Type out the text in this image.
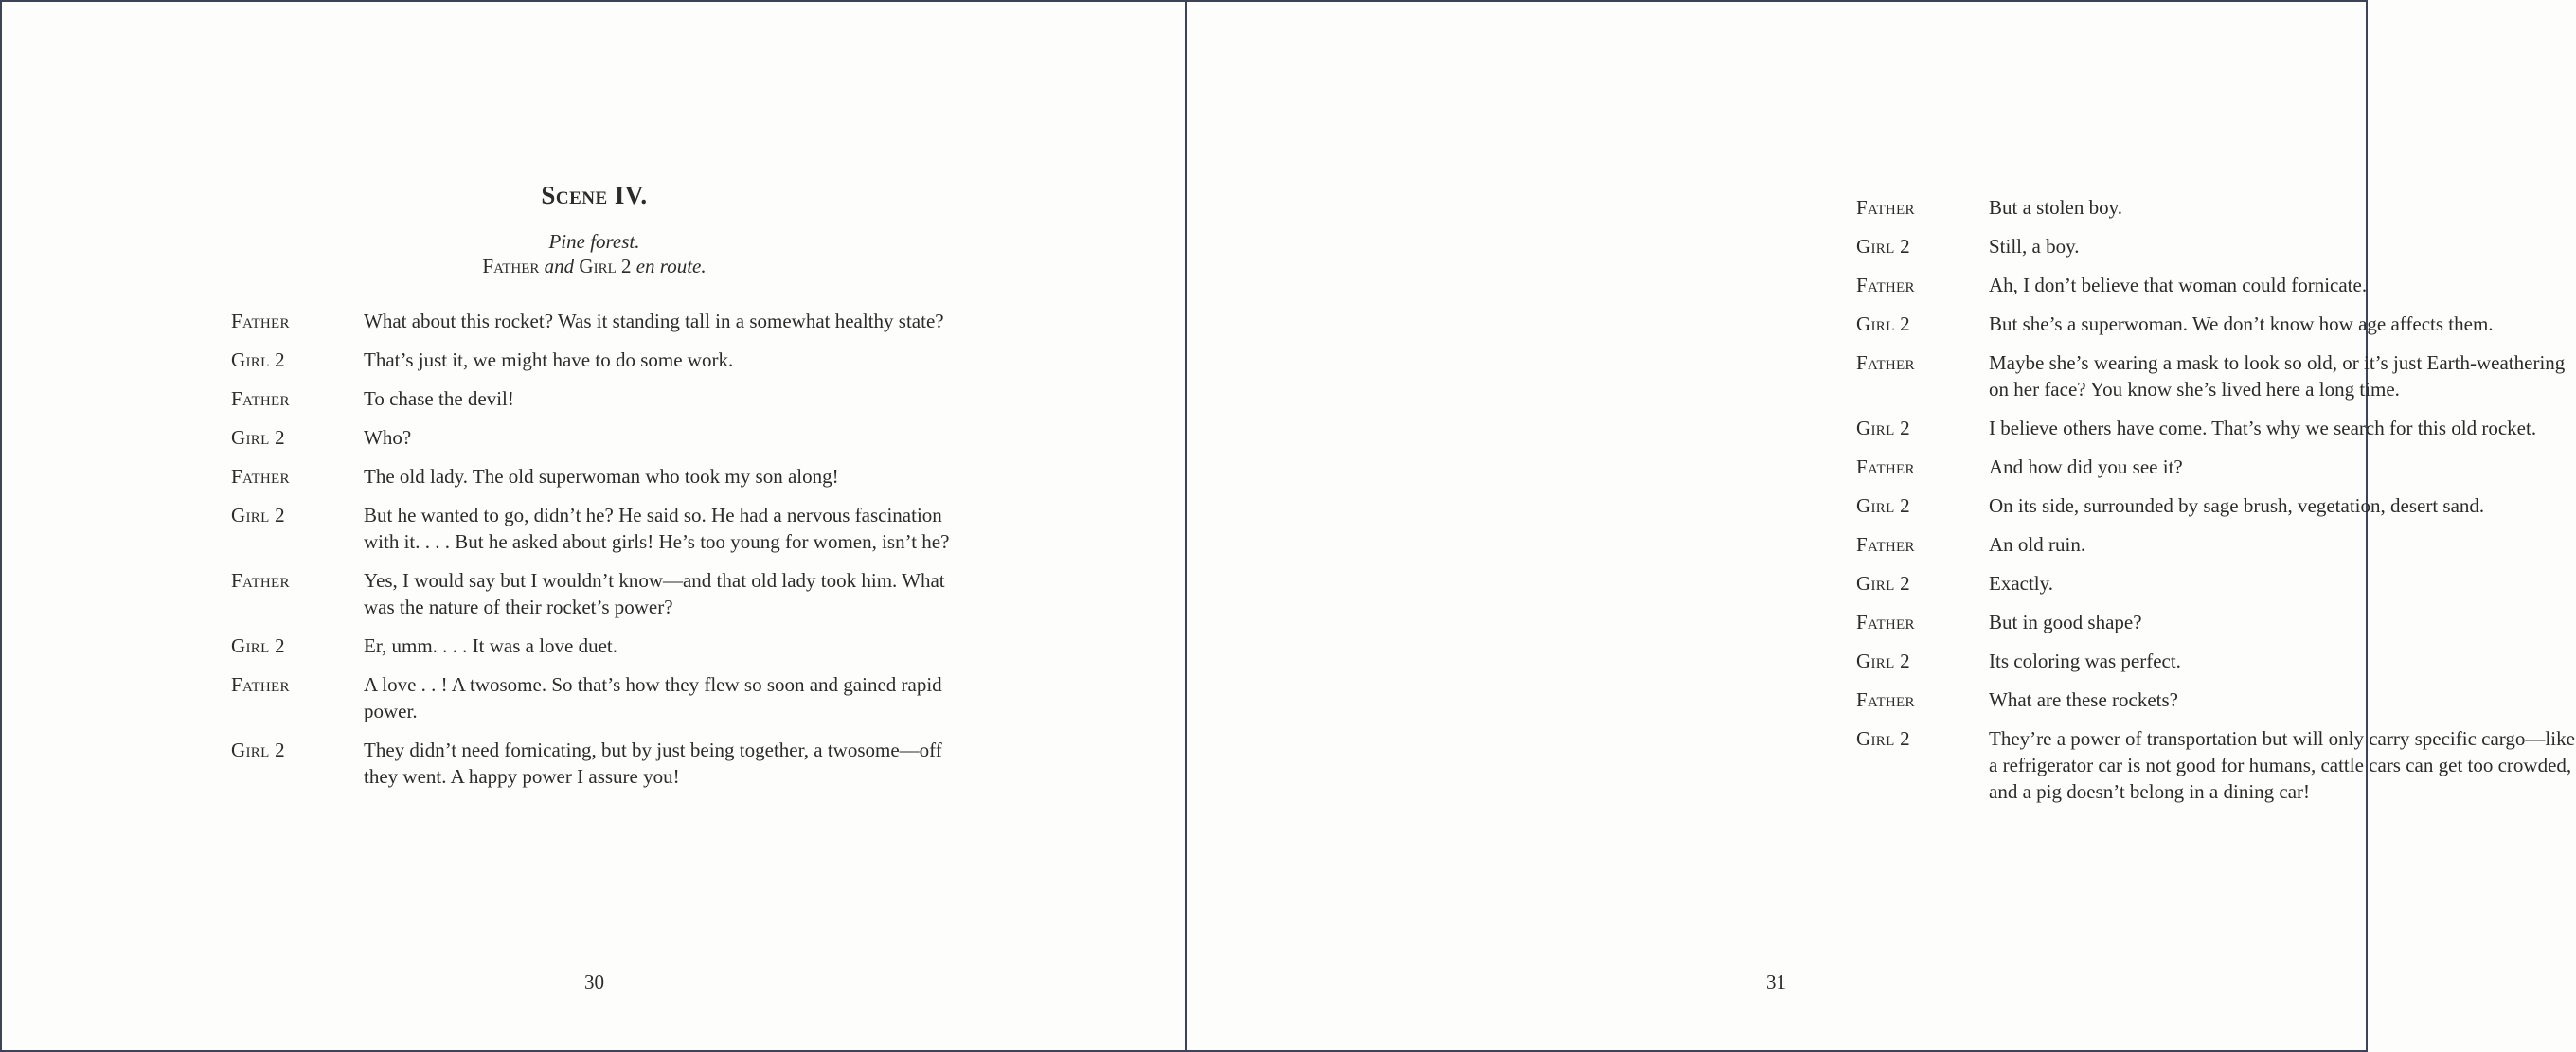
Scene IV.
Pine forest.
Father and Girl 2 en route.
Father	What about this rocket? Was it standing tall in a somewhat healthy state?
Girl 2	That’s just it, we might have to do some work.
Father	To chase the devil!
Girl 2	Who?
Father	The old lady. The old superwoman who took my son along!
Girl 2	But he wanted to go, didn’t he? He said so. He had a nervous fascination with it. . . . But he asked about girls! He’s too young for women, isn’t he?
Father	Yes, I would say but I wouldn’t know—and that old lady took him. What was the nature of their rocket’s power?
Girl 2	Er, umm. . . . It was a love duet.
Father	A love . . ! A twosome. So that’s how they flew so soon and gained rapid power.
Girl 2	They didn’t need fornicating, but by just being together, a twosome—off they went. A happy power I assure you!
30
Father	But a stolen boy.
Girl 2	Still, a boy.
Father	Ah, I don’t believe that woman could fornicate.
Girl 2	But she’s a superwoman. We don’t know how age affects them.
Father	Maybe she’s wearing a mask to look so old, or it’s just Earth-weathering on her face? You know she’s lived here a long time.
Girl 2	I believe others have come. That’s why we search for this old rocket.
Father	And how did you see it?
Girl 2	On its side, surrounded by sage brush, vegetation, desert sand.
Father	An old ruin.
Girl 2	Exactly.
Father	But in good shape?
Girl 2	Its coloring was perfect.
Father	What are these rockets?
Girl 2	They’re a power of transportation but will only carry specific cargo—like a refrigerator car is not good for humans, cattle cars can get too crowded, and a pig doesn’t belong in a dining car!
31
